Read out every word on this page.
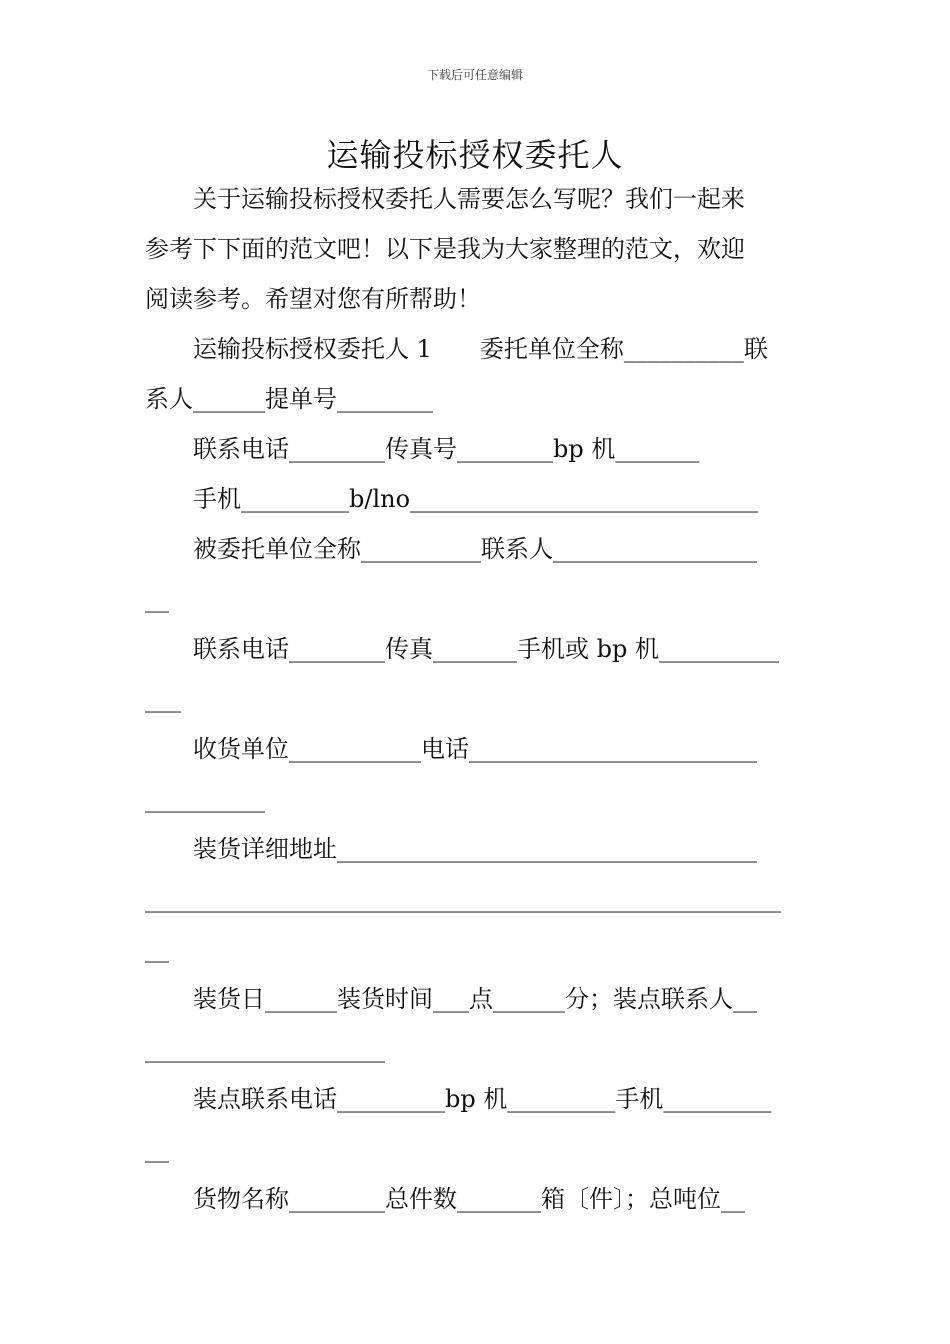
下载后可任意编辑
运输投标授权委托人
　　关于运输投标授权委托人需要怎么写呢？我们一起来
参考下下面的范文吧！以下是我为大家整理的范文，欢迎
阅读参考。希望对您有所帮助！
　　运输投标授权委托人 1　　委托单位全称__________联
系人______提单号________
　　联系电话________传真号________bp 机_______
　　手机_________b/lno_____________________________
　　被委托单位全称__________联系人_________________
__
　　联系电话________传真_______手机或 bp 机__________
___
　　收货单位___________电话________________________
__________
　　装货详细地址___________________________________
_____________________________________________________
__
　　装货日______装货时间___点______分；装点联系人__
____________________
　　装点联系电话_________bp 机_________手机_________
__
　　货物名称________总件数_______箱〔件〕；总吨位__
